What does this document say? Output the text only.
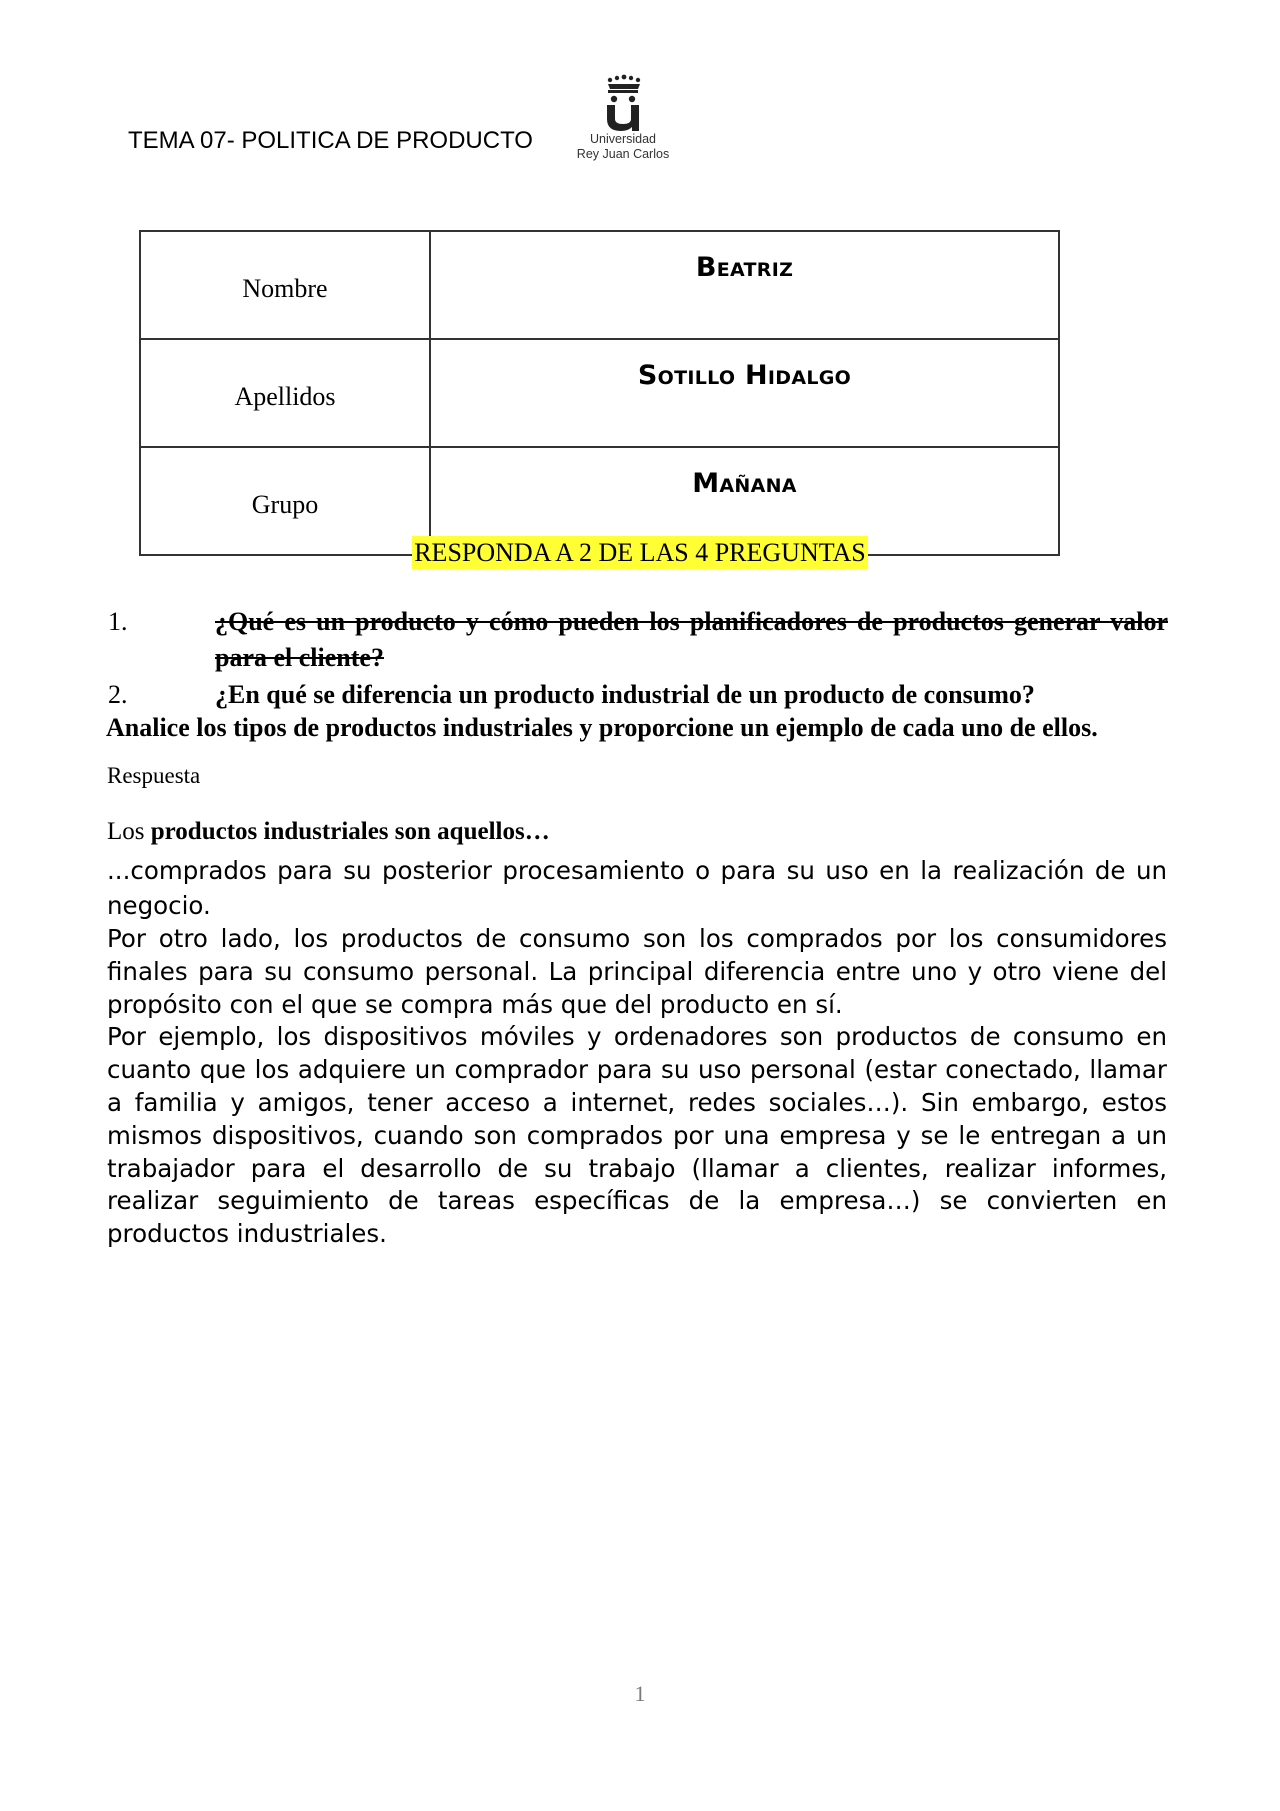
TEMA 07- POLITICA DE PRODUCTO	Universidad
Rey Juan Carlos
Nombre	Beatriz
Apellidos	Sotillo Hidalgo
Grupo	Mañana
RESPONDA A 2 DE LAS 4 PREGUNTAS
1.	¿Qué es un producto y cómo pueden los planificadores de productos generar valor para el cliente?
2.	¿En qué se diferencia un producto industrial de un producto de consumo?
Analice los tipos de productos industriales y proporcione un ejemplo de cada uno de ellos.
Respuesta
Los productos industriales son aquellos…

...comprados para su posterior procesamiento o para su uso en la realización de un negocio.

Por otro lado, los productos de consumo son los comprados por los consumidores finales para su consumo personal. La principal diferencia entre uno y otro viene del propósito con el que se compra más que del producto en sí.

Por ejemplo, los dispositivos móviles y ordenadores son productos de consumo en cuanto que los adquiere un comprador para su uso personal (estar conectado, llamar a familia y amigos, tener acceso a internet, redes sociales…). Sin embargo, estos mismos dispositivos, cuando son comprados por una empresa y se le entregan a un trabajador para el desarrollo de su trabajo (llamar a clientes, realizar informes, realizar seguimiento de tareas específicas de la empresa…) se convierten en productos industriales.

1
